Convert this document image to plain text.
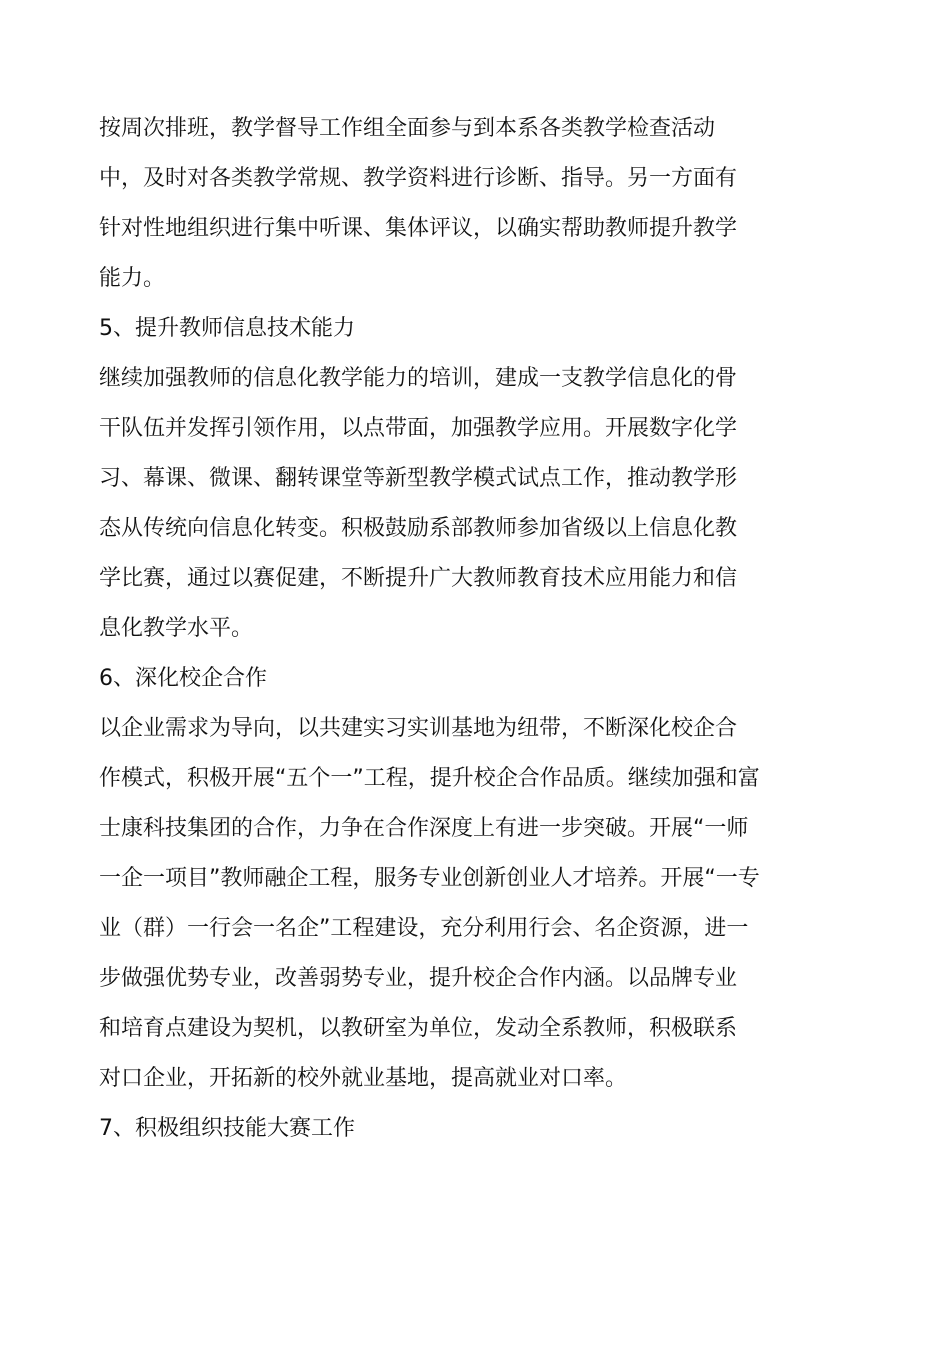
按周次排班，教学督导工作组全面参与到本系各类教学检查活动

中，及时对各类教学常规、教学资料进行诊断、指导。另一方面有

针对性地组织进行集中听课、集体评议，以确实帮助教师提升教学

能力。

5、提升教师信息技术能力

继续加强教师的信息化教学能力的培训，建成一支教学信息化的骨

干队伍并发挥引领作用，以点带面，加强教学应用。开展数字化学

习、幕课、微课、翻转课堂等新型教学模式试点工作，推动教学形

态从传统向信息化转变。积极鼓励系部教师参加省级以上信息化教

学比赛，通过以赛促建，不断提升广大教师教育技术应用能力和信

息化教学水平。

6、深化校企合作

以企业需求为导向，以共建实习实训基地为纽带，不断深化校企合

作模式，积极开展“五个一”工程，提升校企合作品质。继续加强和富

士康科技集团的合作，力争在合作深度上有进一步突破。开展“一师

一企一项目”教师融企工程，服务专业创新创业人才培养。开展“一专

业（群）一行会一名企”工程建设，充分利用行会、名企资源，进一

步做强优势专业，改善弱势专业，提升校企合作内涵。以品牌专业

和培育点建设为契机，以教研室为单位，发动全系教师，积极联系

对口企业，开拓新的校外就业基地，提高就业对口率。

7、积极组织技能大赛工作
